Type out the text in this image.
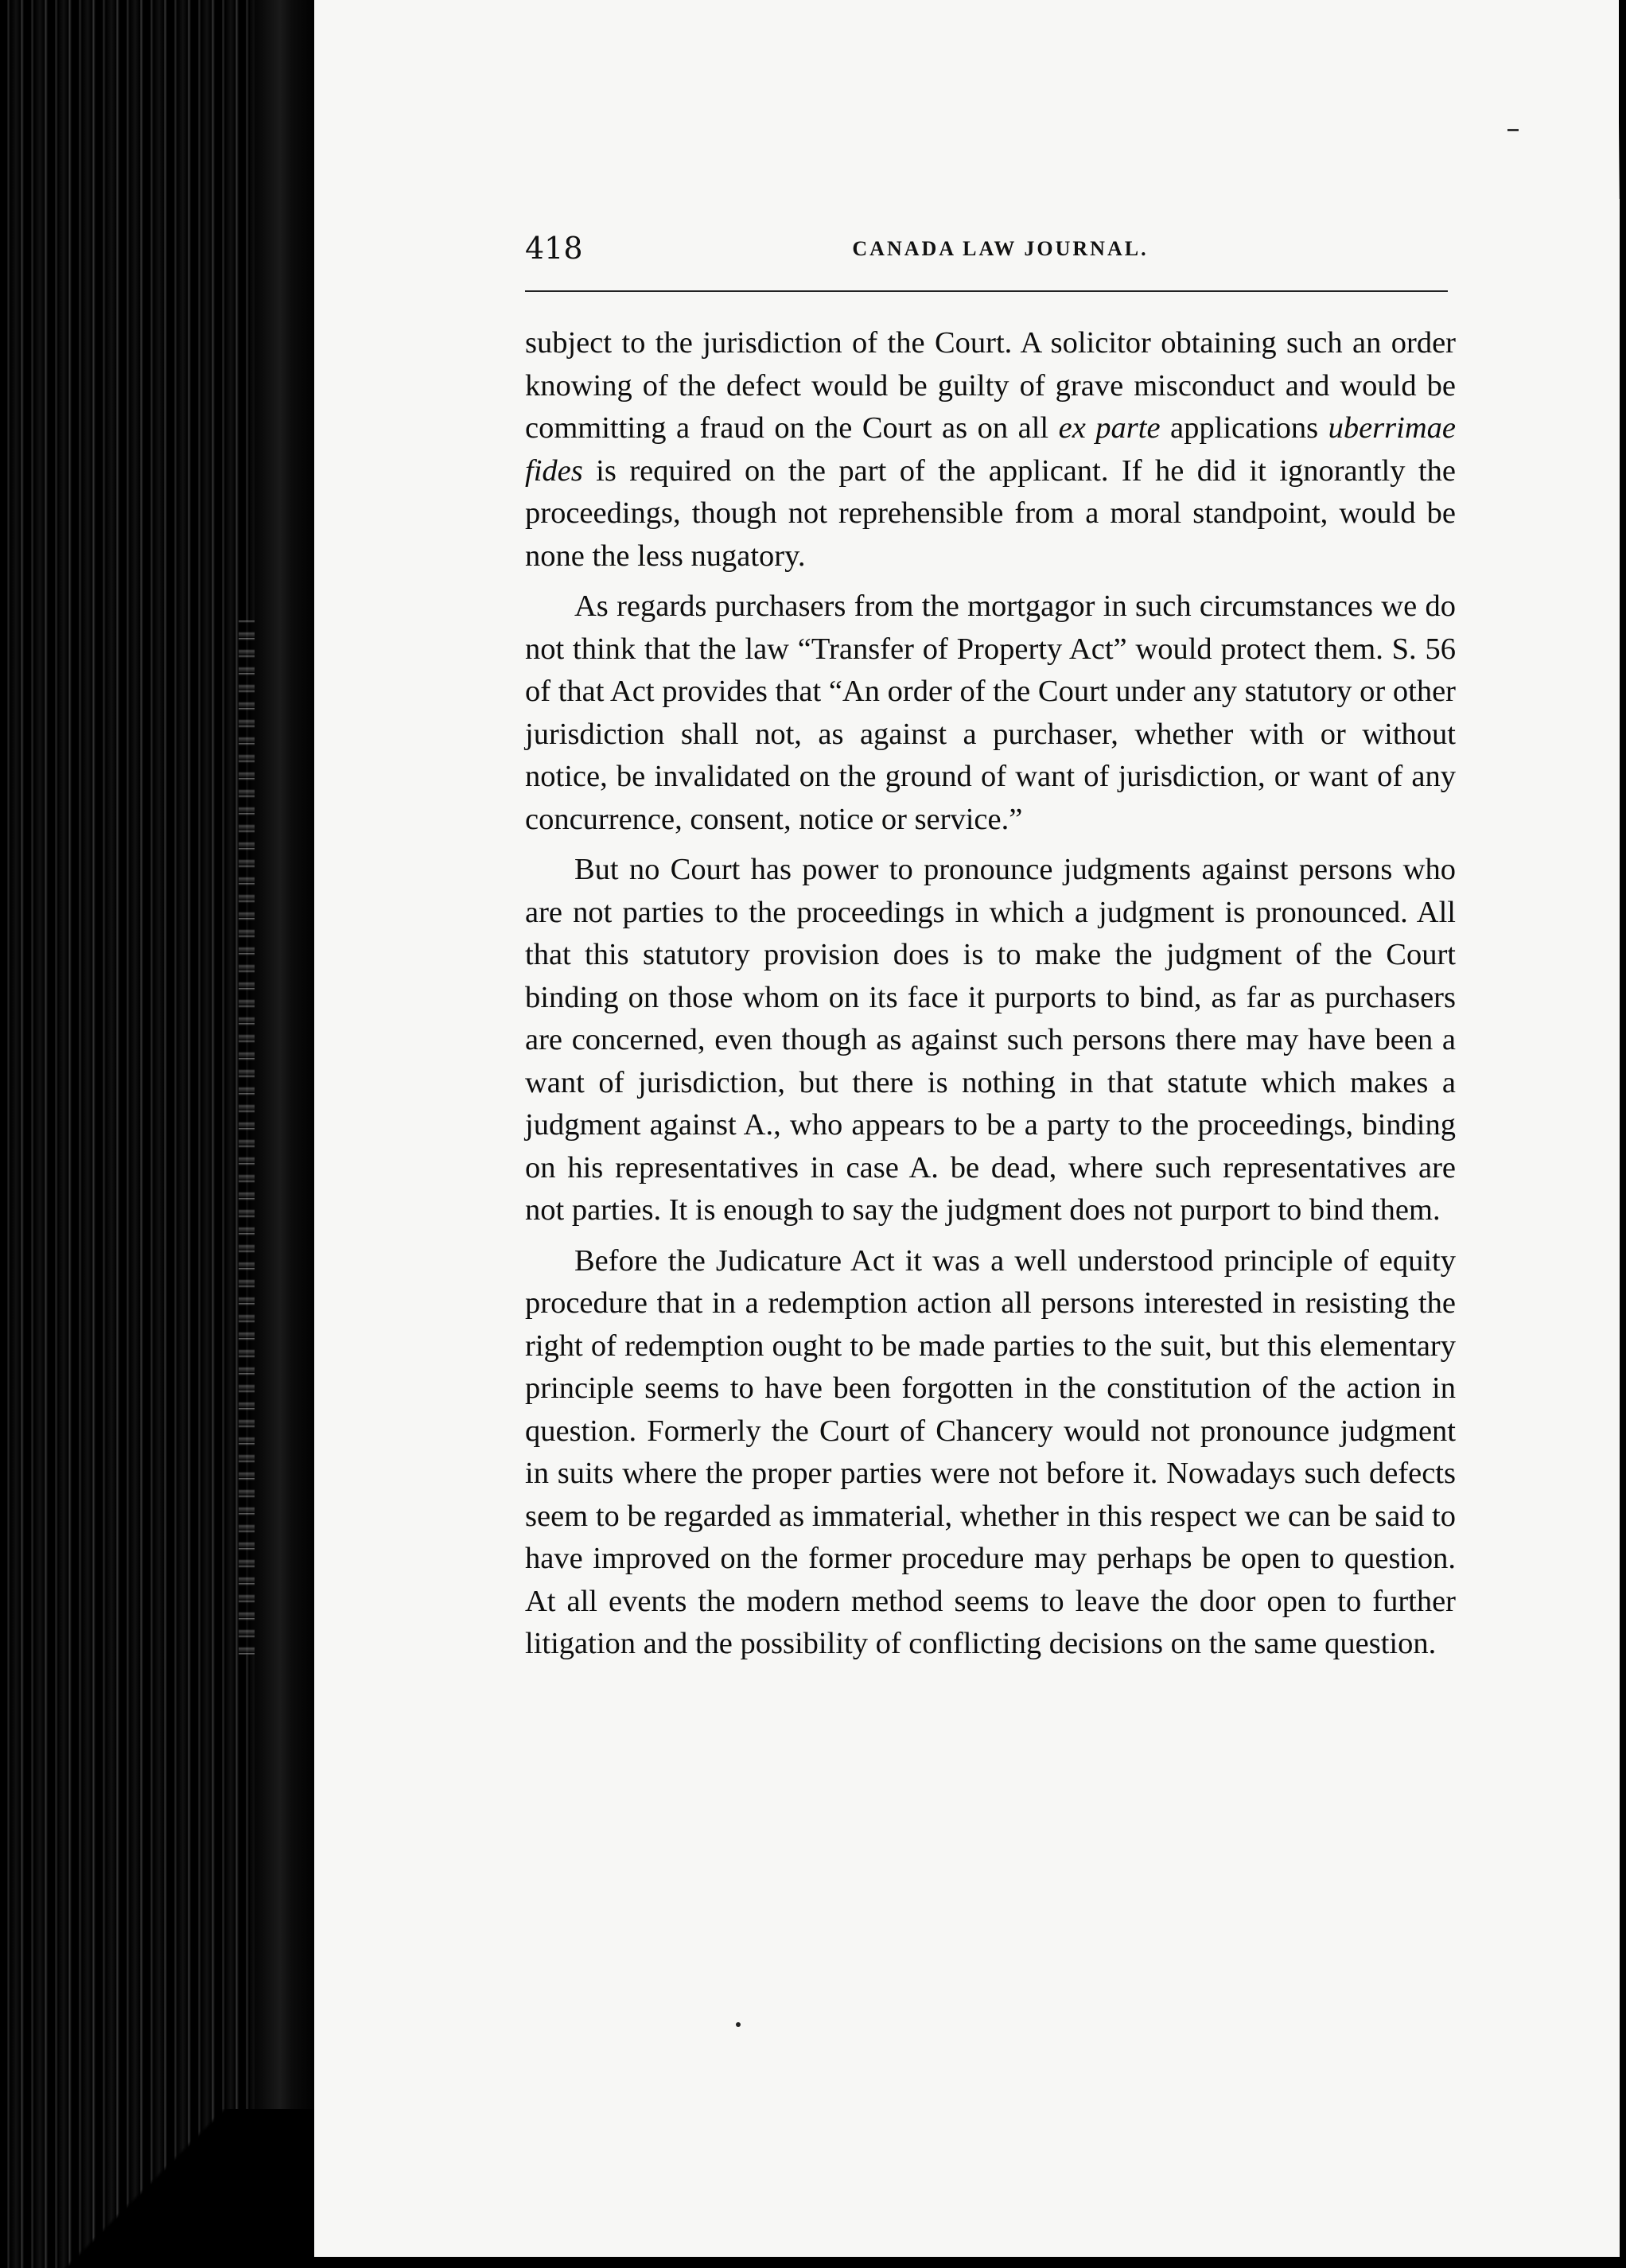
418	CANADA LAW JOURNAL.

subject to the jurisdiction of the Court. A solicitor obtaining such an order knowing of the defect would be guilty of grave misconduct and would be committing a fraud on the Court as on all ex parte applications uberrimae fides is required on the part of the applicant. If he did it ignorantly the proceedings, though not reprehensible from a moral standpoint, would be none the less nugatory.

As regards purchasers from the mortgagor in such circumstances we do not think that the law “Transfer of Property Act” would protect them. S. 56 of that Act provides that “An order of the Court under any statutory or other jurisdiction shall not, as against a purchaser, whether with or without notice, be invalidated on the ground of want of jurisdiction, or want of any concurrence, consent, notice or service.”

But no Court has power to pronounce judgments against persons who are not parties to the proceedings in which a judgment is pronounced. All that this statutory provision does is to make the judgment of the Court binding on those whom on its face it purports to bind, as far as purchasers are concerned, even though as against such persons there may have been a want of jurisdiction, but there is nothing in that statute which makes a judgment against A., who appears to be a party to the proceedings, binding on his representatives in case A. be dead, where such representatives are not parties. It is enough to say the judgment does not purport to bind them.

Before the Judicature Act it was a well understood principle of equity procedure that in a redemption action all persons interested in resisting the right of redemption ought to be made parties to the suit, but this elementary principle seems to have been forgotten in the constitution of the action in question. Formerly the Court of Chancery would not pronounce judgment in suits where the proper parties were not before it. Nowadays such defects seem to be regarded as immaterial, whether in this respect we can be said to have improved on the former procedure may perhaps be open to question. At all events the modern method seems to leave the door open to further litigation and the possibility of conflicting decisions on the same question.
